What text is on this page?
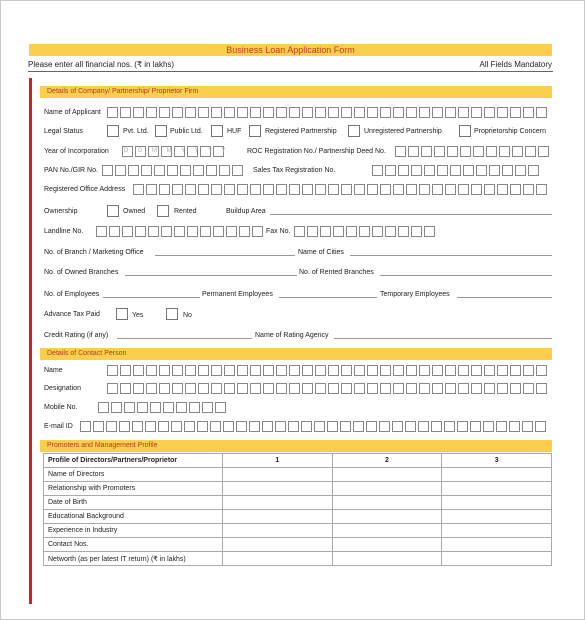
Business Loan Application Form
Please enter all financial nos. (₹ in lakhs)	All Fields Mandatory
Details of Company/ Partnership/ Proprietor Firm
Name of Applicant
Legal Status	Pvt. Ltd.	Public Ltd.	HUF	Registered Partnership	Unregistered Partnership	Proprietorship Concern
Year of Incorporation	D D M M Y Y Y Y ROC Registration No./ Partnership Deed No.
PAN No./GIR No.	Sales Tax Registration No.
Registered Office Address
Ownership	Owned	Rented	Buildup Area
Landline No.	Fax No.
No. of Branch / Marketing Office	Name of Cities
No. of Owned Branches	No. of Rented Branches
No. of Employees	Permanent Employees	Temporary Employees
Advance Tax Paid	Yes	No
Credit Rating (if any)	Name of Rating Agency
Details of Contact Person
Name
Designation
Mobile No.
E-mail ID
Promoters and Management Profile
Profile of Directors/Partners/Proprietor	1	2	3
Name of Directors			
Relationship with Promoters			
Date of Birth			
Educational Background			
Experience in Industry			
Contact Nos.			
Networth (as per latest IT return) (₹ in lakhs)			
